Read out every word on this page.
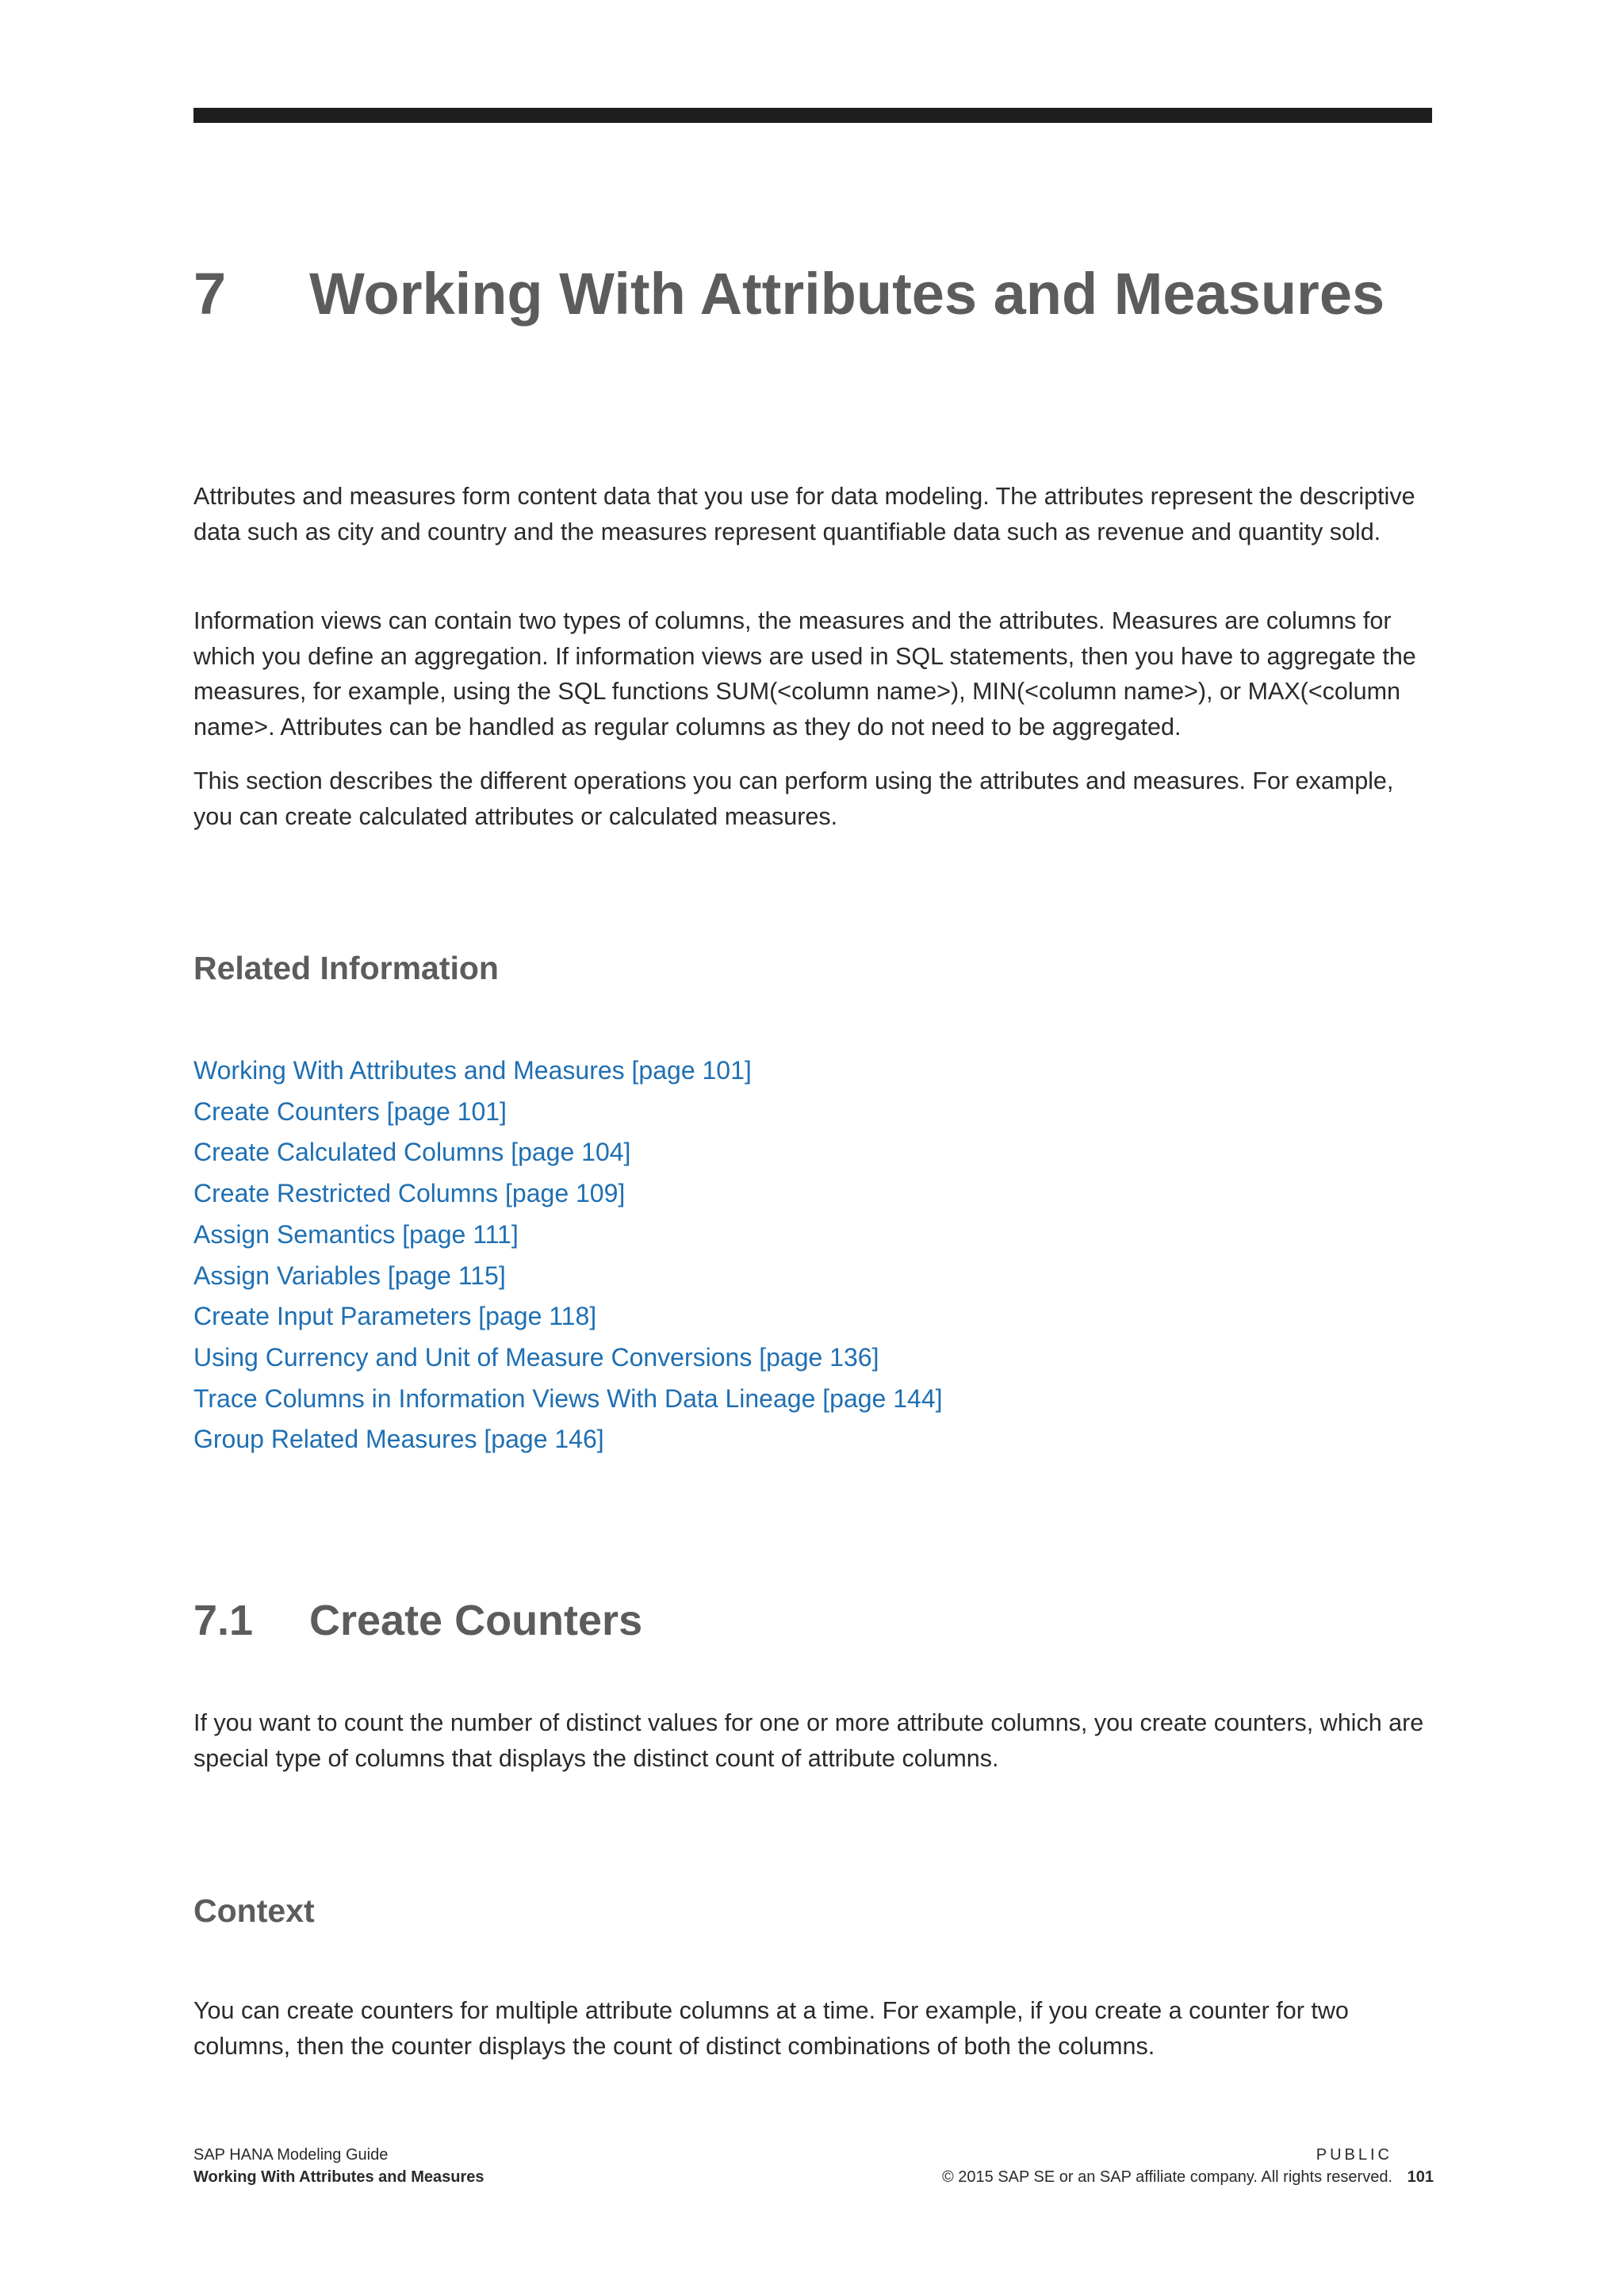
7 Working With Attributes and Measures

Attributes and measures form content data that you use for data modeling. The attributes represent the descriptive data such as city and country and the measures represent quantifiable data such as revenue and quantity sold.

Information views can contain two types of columns, the measures and the attributes. Measures are columns for which you define an aggregation. If information views are used in SQL statements, then you have to aggregate the measures, for example, using the SQL functions SUM(<column name>), MIN(<column name>), or MAX(<column name>. Attributes can be handled as regular columns as they do not need to be aggregated.

This section describes the different operations you can perform using the attributes and measures. For example, you can create calculated attributes or calculated measures.

Related Information
Working With Attributes and Measures [page 101]
Create Counters [page 101]
Create Calculated Columns [page 104]
Create Restricted Columns [page 109]
Assign Semantics [page 111]
Assign Variables [page 115]
Create Input Parameters [page 118]
Using Currency and Unit of Measure Conversions [page 136]
Trace Columns in Information Views With Data Lineage [page 144]
Group Related Measures [page 146]
7.1 Create Counters

If you want to count the number of distinct values for one or more attribute columns, you create counters, which are special type of columns that displays the distinct count of attribute columns.

Context

You can create counters for multiple attribute columns at a time. For example, if you create a counter for two columns, then the counter displays the count of distinct combinations of both the columns.

SAP HANA Modeling Guide
Working With Attributes and Measures
PUBLIC
© 2015 SAP SE or an SAP affiliate company. All rights reserved. 101
